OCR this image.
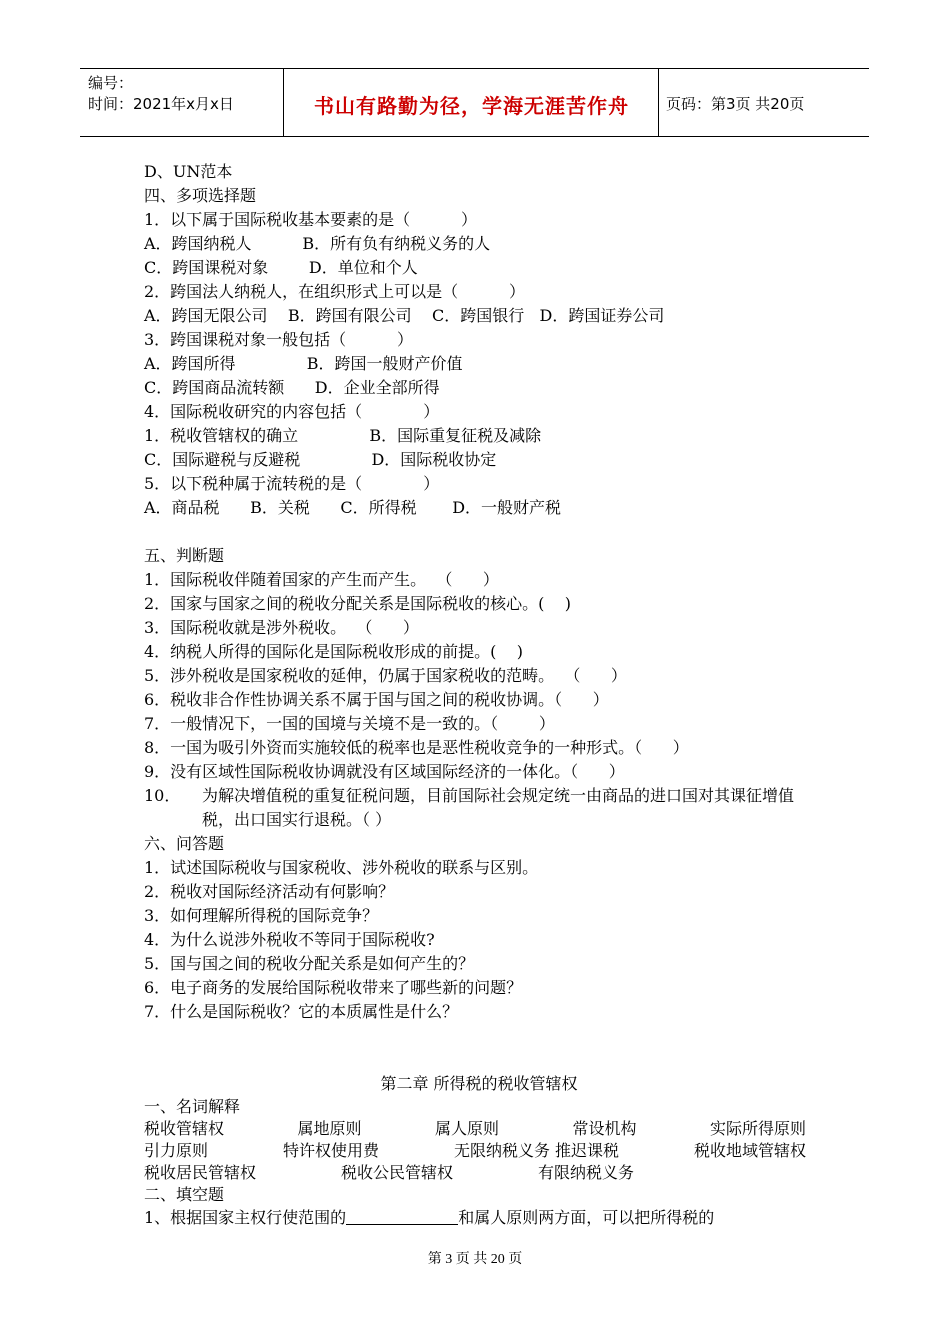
编号：
时间：2021年x月x日	书山有路勤为径，学海无涯苦作舟	页码：第3页 共20页
D、UN范本
四、多项选择题
1．以下属于国际税收基本要素的是（          ）
A．跨国纳税人          B．所有负有纳税义务的人
C．跨国课税对象        D．单位和个人
2．跨国法人纳税人，在组织形式上可以是（          ）
A．跨国无限公司    B．跨国有限公司    C．跨国银行   D．跨国证券公司
3．跨国课税对象一般包括（          ）
A．跨国所得              B．跨国一般财产价值
C．跨国商品流转额      D．企业全部所得
4．国际税收研究的内容包括（            ）
1．税收管辖权的确立              B．国际重复征税及减除
C．国际避税与反避税              D．国际税收协定
5．以下税种属于流转税的是（            ）
A．商品税      B．关税      C．所得税       D．一般财产税
五、判断题
1．国际税收伴随着国家的产生而产生。  （      ）
2．国家与国家之间的税收分配关系是国际税收的核心。(    )
3．国际税收就是涉外税收。  （      ）
4．纳税人所得的国际化是国际税收形成的前提。(    )
5．涉外税收是国家税收的延伸，仍属于国家税收的范畴。  （      ）
6．税收非合作性协调关系不属于国与国之间的税收协调。（      ）
7．一般情况下，一国的国境与关境不是一致的。（        ）
8．一国为吸引外资而实施较低的税率也是恶性税收竞争的一种形式。（      ）
9．没有区域性国际税收协调就没有区域国际经济的一体化。（      ）
10．	为解决增值税的重复征税问题，目前国际社会规定统一由商品的进口国对其课征增值税，出口国实行退税。（ ）
六、问答题
1．试述国际税收与国家税收、涉外税收的联系与区别。
2．税收对国际经济活动有何影响？
3．如何理解所得税的国际竞争？
4．为什么说涉外税收不等同于国际税收?
5．国与国之间的税收分配关系是如何产生的？
6．电子商务的发展给国际税收带来了哪些新的问题？
7．什么是国际税收？它的本质属性是什么？
第二章 所得税的税收管辖权
一、名词解释
税收管辖权	属地原则	属人原则	常设机构	实际所得原则
引力原则	特许权使用费	无限纳税义务 推迟课税	税收地域管辖权
税收居民管辖权	税收公民管辖权	有限纳税义务
二、填空题
1、根据国家主权行使范围的	和属人原则两方面，可以把所得税的
第 3 页 共 20 页
